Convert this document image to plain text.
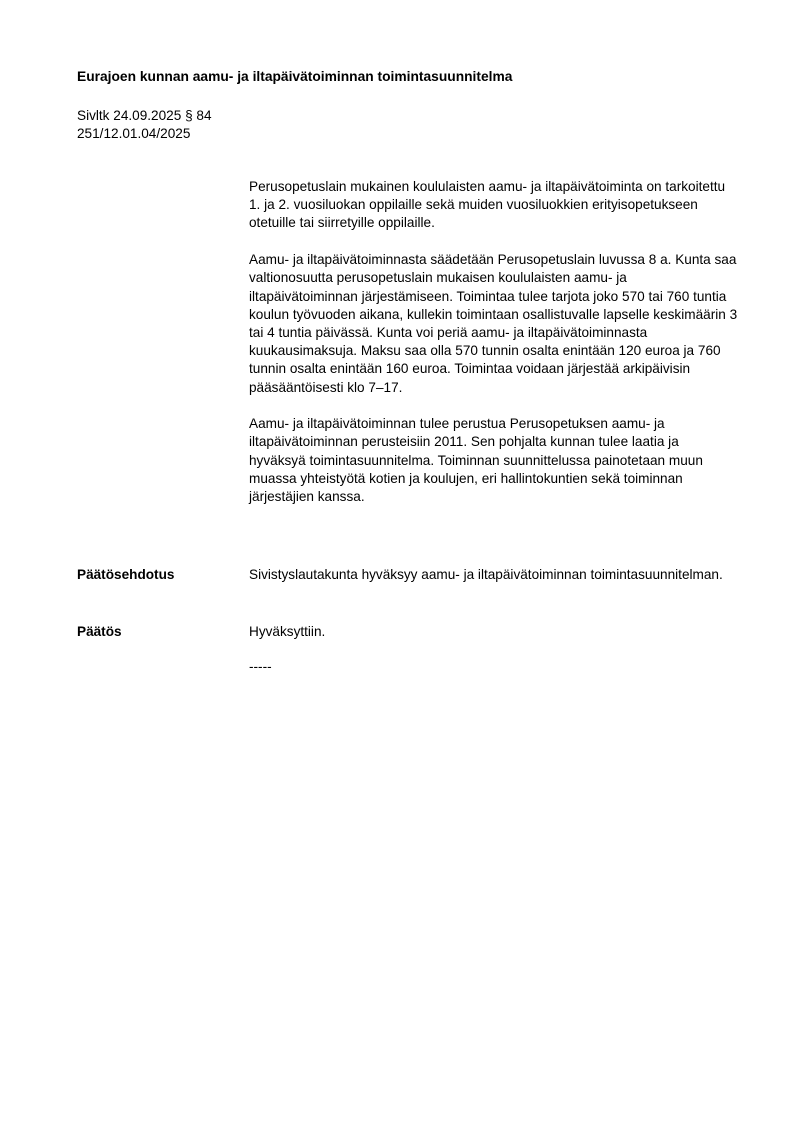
Eurajoen kunnan aamu- ja iltapäivätoiminnan toimintasuunnitelma
Sivltk 24.09.2025 § 84
251/12.01.04/2025

Perusopetuslain mukainen koululaisten aamu- ja iltapäivätoiminta on tarkoitettu 1. ja 2. vuosiluokan oppilaille sekä muiden vuosiluokkien erityisopetukseen otetuille tai siirretyille oppilaille.

Aamu- ja iltapäivätoiminnasta säädetään Perusopetuslain luvussa 8 a. Kunta saa valtionosuutta perusopetuslain mukaisen koululaisten aamu- ja iltapäivätoiminnan järjestämiseen. Toimintaa tulee tarjota joko 570 tai 760 tuntia koulun työvuoden aikana, kullekin toimintaan osallistuvalle lapselle keskimäärin 3 tai 4 tuntia päivässä. Kunta voi periä aamu- ja iltapäivätoiminnasta kuukausimaksuja. Maksu saa olla 570 tunnin osalta enintään 120 euroa ja 760 tunnin osalta enintään 160 euroa. Toimintaa voidaan järjestää arkipäivisin pääsääntöisesti klo 7–17.

Aamu- ja iltapäivätoiminnan tulee perustua Perusopetuksen aamu- ja iltapäivätoiminnan perusteisiin 2011. Sen pohjalta kunnan tulee laatia ja hyväksyä toimintasuunnitelma. Toiminnan suunnittelussa painotetaan muun muassa yhteistyötä kotien ja koulujen, eri hallintokuntien sekä toiminnan järjestäjien kanssa.

Päätösehdotus	Sivistyslautakunta hyväksyy aamu- ja iltapäivätoiminnan toimintasuunnitelman.
Päätös	Hyväksyttiin.
-----
